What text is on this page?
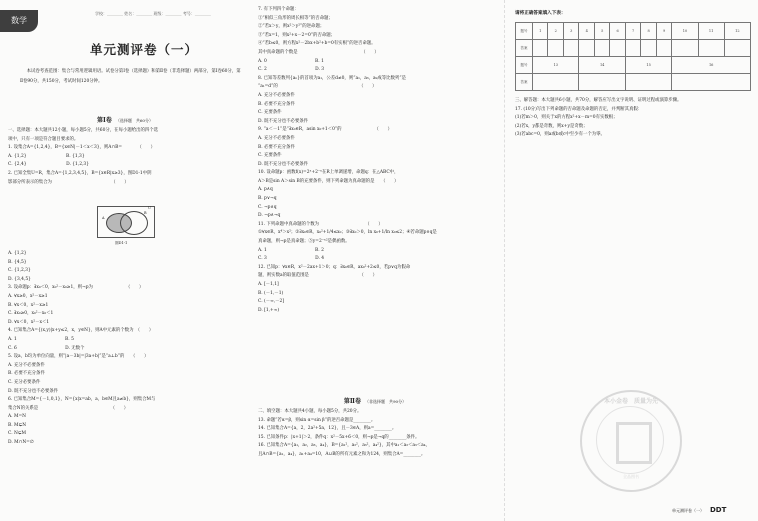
数学
学校：________ 姓名：________ 班级：________ 考号：________
单元测评卷（一）
本试卷考查范围：集合与常用逻辑用语。试卷分第Ⅰ卷（选择题）和第Ⅱ卷（非选择题）两部分，第Ⅰ卷60分，第Ⅱ卷90分，共150分，考试时间120分钟。
第Ⅰ卷 （选择题　共60分）
一、选择题：本大题共12小题，每小题5分，共60分，在每小题给出的四个选
项中，只有一项是符合题目要求的。
1. 设集合A={1,2,4}，B={x∈N|－1＜x＜3}，则A∩B=　　　　（　　）
A. {1,2}　　　　　　　　　B. {1,3}
C. {2,4}　　　　　　　　　D. {1,2,3}
2. 已知全集U=R，集合A={1,2,3,4,5}，B={x∈R|x≥3}，图D1-1中阴
影部分所表示的集合为　　　　　　　　　　　　　　（　　）
A
B
U
图D1-1
A. {1,2}
B. {4,5}
C. {1,2,3}
D. {3,4,5}
3. 设命题p：∃x₀＜0，x₀²－x₀≥1，则¬p为　　　　　　　　（　　）
A. ∀x≥0，x²－x≥1
B. ∀x＜0，x²－x≥1
C. ∃x₀≥0，x₀²－x₀＜1
D. ∀x＜0，x²－x＜1
4. 已知集合A={(x,y)|x+y≤2，x，y∈N}，则A中元素的个数为　（　　）
A. 1　　　　　　　　　　　B. 5
C. 6　　　　　　　　　　　D. 无数个
5. 设a，b均为单位向量，则“|a－3b|=|3a+b|”是“a⊥b”的　　（　　）
A. 充分不必要条件
B. 必要不充分条件
C. 充分必要条件
D. 既不充分也不必要条件
6. 已知集合M={－1,0,1}，N={x|x=ab，a，b∈M且a≠b}，则集合M与
集合N的关系是　　　　　　　　　　　　　　　　　（　　）
A. M=N
B. M⊊N
C. N⊊M
D. M∩N=∅
7. 有下列四个命题：
①“相似三角形的周长相等”的否命题；
②“若x＞y，则x²＞y²”的逆命题；
③“若x=1，则x²+x－2=0”的否命题；
④“若b≤0，则方程x²－2bx+b²+b=0有实根”的逆否命题。
其中真命题的个数是　　　　　　　　　　　　　　　（　　）
A. 0　　　　　　　　　　　B. 1
C. 2　　　　　　　　　　　D. 3
8. 已知等差数列{aₙ}的首项为a₁，公差d≠0，则“a₁，a₃，a₉成等比数列”是
“a₁=d”的　　　　　　　　　　　　　　　　　　　（　　）
A. 充分不必要条件
B. 必要不充分条件
C. 充要条件
D. 既不充分也不必要条件
9. “a＜－1”是“∃x₀∈R，asin x₀+1＜0”的　　　　　　　　（　　）
A. 充分不必要条件
B. 必要不充分条件
C. 充要条件
D. 既不充分也不必要条件
10. 设命题p：函数f(x)=2ˣ+2⁻ˣ在R上单调递增，命题q：在△ABC中，
A＞B是sin A＞sin B的充要条件，则下列命题为真命题的是　　（　　）
A. p∧q
B. p∨¬q
C. ¬p∧q
D. ¬p∧¬q
11. 下列命题中真命题的个数为　　　　　　　　　　　（　　）
①∀x∈R，x⁴＞x²；②∃x₀∈R，x₀²+1/4≤x₀；③∃x₀＞0，ln x₀+1/ln x₀≤2；④若命题p∨q是
真命题，则¬p是真命题；⑤y=2⁻ˣ²是偶函数。
A. 1　　　　　　　　　　　B. 2
C. 3　　　　　　　　　　　D. 4
12. 已知p：∀x∈R，x²－2ax+1＞0；q：∃x₀∈R，ax₀²+2≤0，若p∨q为假命
题，则实数a的取值范围是　　　　　　　　　　　　（　　）
A. [－1,1]
B. (－1,－1)
C. (－∞,－2]
D. [1,+∞)
第Ⅱ卷 （非选择题　共90分）
二、填空题：本大题共4小题，每小题5分，共20分。
13. 命题“若α=β，则sin α=sin β”的逆否命题是________。
14. 已知集合A={a，2，2a²+5a，12}，且－3∈A，则a=________。
15. 已知条件p：|x+1|＞2，条件q：x²－5x+6＜0，则¬p是¬q的________条件。
16. 已知集合A={a₁，a₂，a₃，a₄}，B={a₁²，a₂²，a₃²，a₄²}，其中a₁＜a₂＜a₃＜a₄，
且A∩B={a₁，a₄}，a₁+a₄=10，A∪B的所有元素之和为124，则集合A=________。
请将正确答案填入下表：
题号	1	2	3	4	5	6	7	8	9	10	11	12
答案												
题号	13			14			15			16		
答案												
三、解答题：本大题共6小题，共70分，解答应写出文字说明、证明过程或演算步骤。
17. (10分)写出下列命题的否命题及命题的否定，并判断其真假：
(1)若m＞0，则关于x的方程x²+x－m=0有实数根；
(2)若x，y都是奇数，则x+y是奇数；
(3)若abc=0，则a或b或c中至少有一个为零。
本小金卷　质量为先
全品图书
单元测评卷（一） DDT
